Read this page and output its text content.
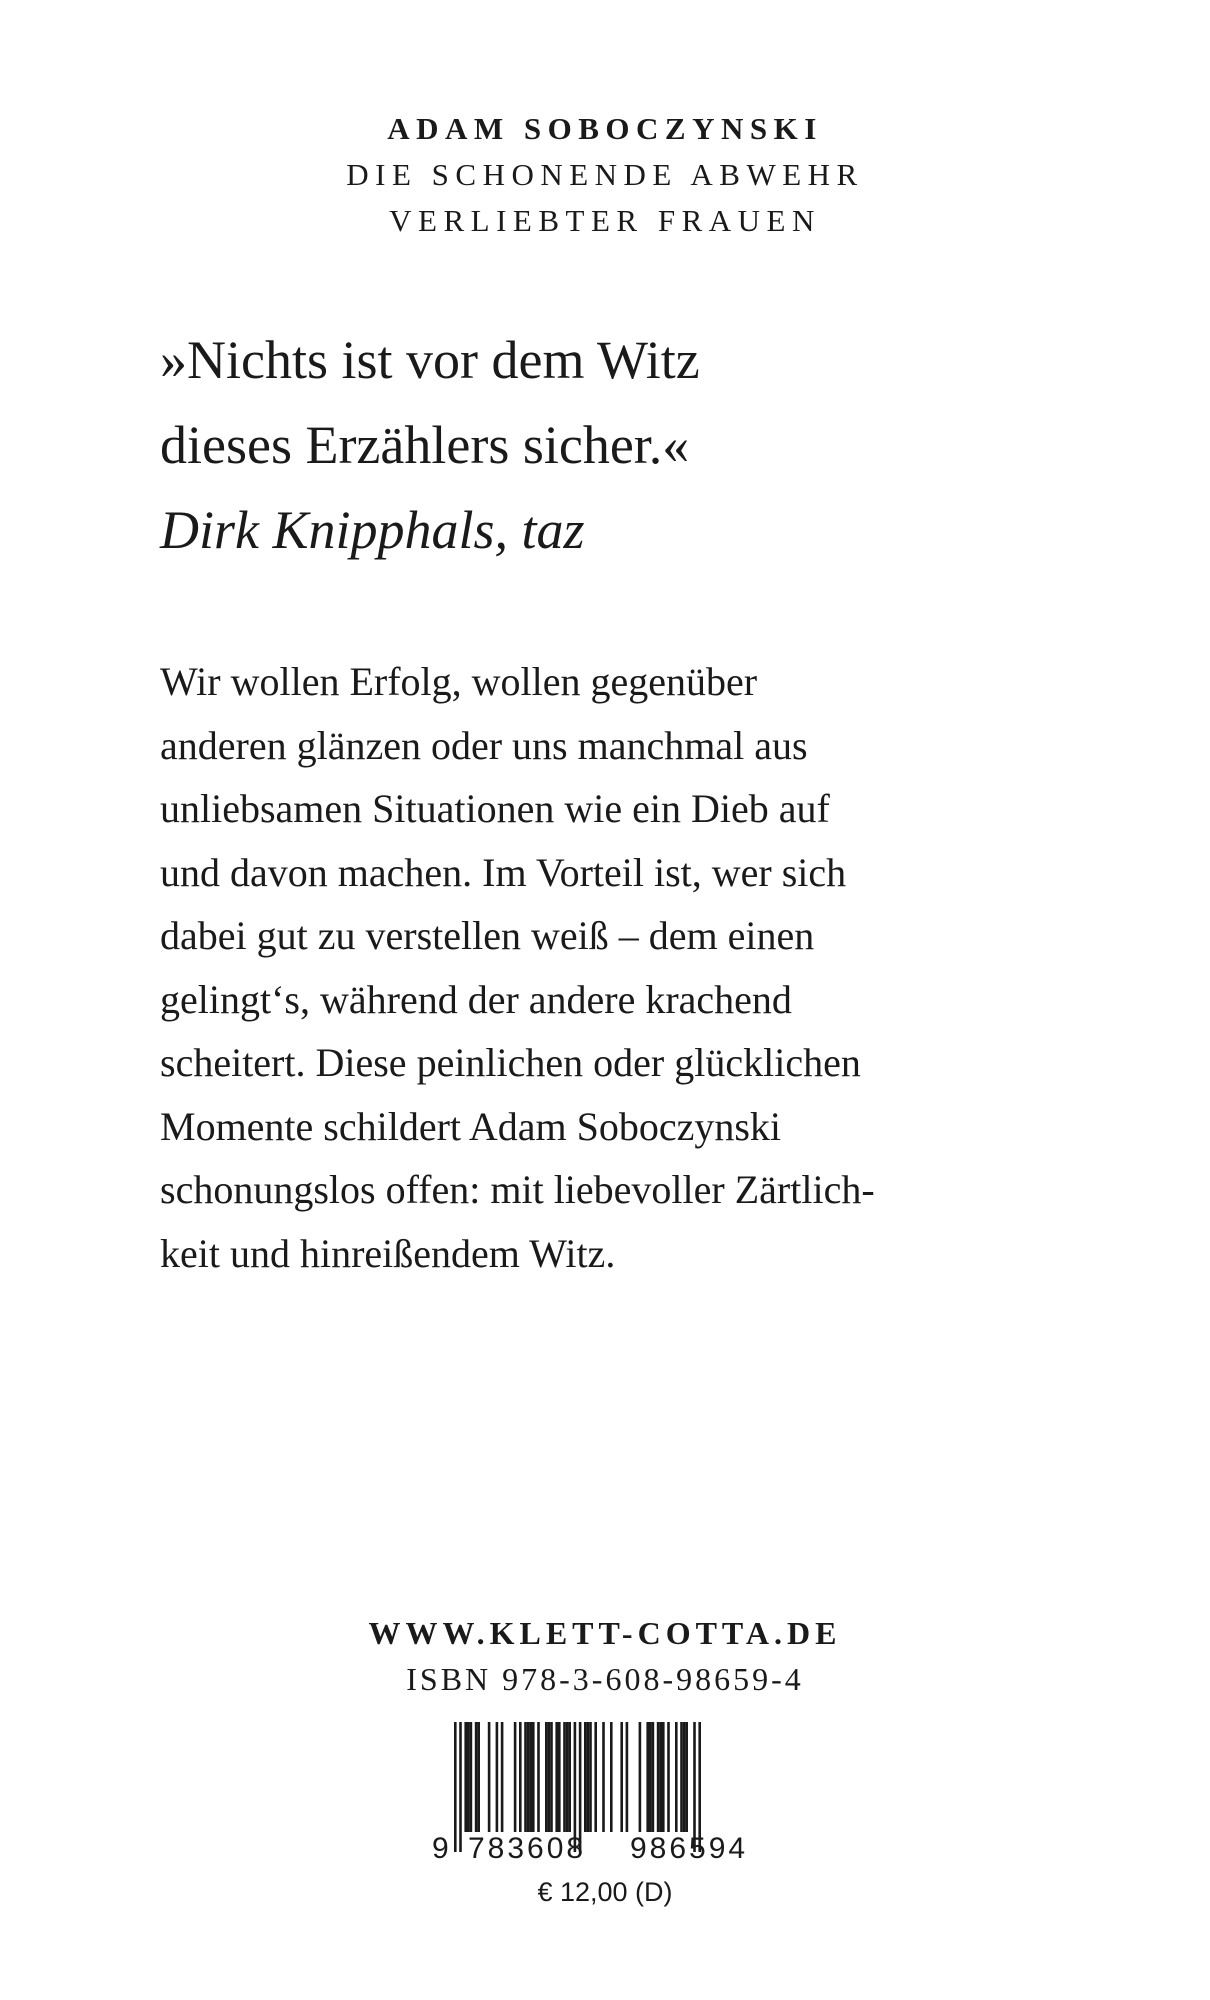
ADAM SOBOCZYNSKI
DIE SCHONENDE ABWEHR
VERLIEBTER FRAUEN
»Nichts ist vor dem Witz
dieses Erzählers sicher.«
Dirk Knipphals, taz
Wir wollen Erfolg, wollen gegenüber
anderen glänzen oder uns manchmal aus
unliebsamen Situationen wie ein Dieb auf
und davon machen. Im Vorteil ist, wer sich
dabei gut zu verstellen weiß – dem einen
gelingt‘s, während der andere krachend
scheitert. Diese peinlichen oder glücklichen
Momente schildert Adam Soboczynski
schonungslos offen: mit liebevoller Zärtlich-
keit und hinreißendem Witz.
WWW.KLETT-COTTA.DE
ISBN 978-3-608-98659-4
9 783608 986594
€ 12,00 (D)
